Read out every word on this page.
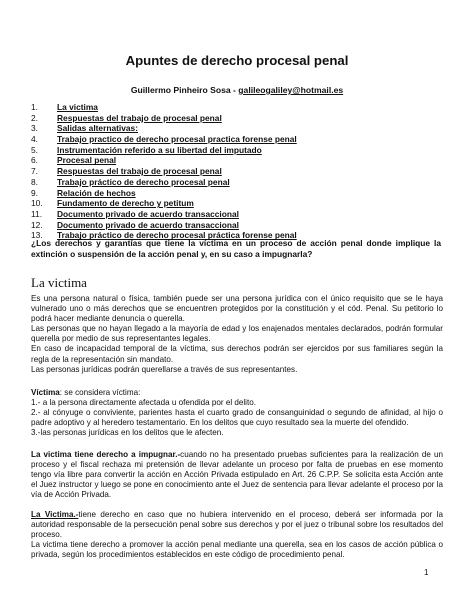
Apuntes de derecho procesal penal
Guillermo Pinheiro Sosa - galileogaliley@hotmail.es
1. La victima
2. Respuestas del trabajo de procesal penal
3. Salidas alternativas:
4. Trabajo practico de derecho procesal practica forense penal
5. Instrumentación referido a su libertad del imputado
6. Procesal penal
7. Respuestas del trabajo de procesal penal
8. Trabajo práctico de derecho procesal penal
9. Relación de hechos
10. Fundamento de derecho y petitum
11. Documento privado de acuerdo transaccional
12. Documento privado de acuerdo transaccional
13. Trabajo práctico de derecho procesal práctica forense penal
¿Los derechos y garantías que tiene la víctima en un proceso de acción penal donde implique la extinción o suspensión de la acción penal y, en su caso a impugnarla?
La victima

Es una persona natural o física, también puede ser una persona jurídica con el único requisito que se le haya vulnerado uno o más derechos que se encuentren protegidos por la constitución y el cód. Penal. Su petitorio lo podrá hacer mediante denuncia o querella.

Las personas que no hayan llegado a la mayoría de edad y los enajenados mentales declarados, podrán formular querella por medio de sus representantes legales.

En caso de incapacidad temporal de la víctima, sus derechos podrán ser ejercidos por sus familiares según la regla de la representación sin mandato.

Las personas jurídicas podrán querellarse a través de sus representantes.

Víctima: se considera víctima:

1.- a la persona directamente afectada u ofendida por el delito.

2.- al cónyuge o conviviente, parientes hasta el cuarto grado de consanguinidad o segundo de afinidad, al hijo o padre adoptivo y al heredero testamentario. En los delitos que cuyo resultado sea la muerte del ofendido.

3.-las personas jurídicas en los delitos que le afecten.

La victima tiene derecho a impugnar.-cuando no ha presentado pruebas suficientes para la realización de un proceso y el fiscal rechaza mi pretensión de llevar adelante un proceso por falta de pruebas en ese momento tengo vía libre para convertir la acción en Acción Privada estipulado en Art. 26 C.P.P. Se solicita esta Acción ante el Juez instructor y luego se pone en conocimiento ante el Juez de sentencia para llevar adelante el proceso por la vía de Acción Privada.

La Victima.-tiene derecho en caso que no hubiera intervenido en el proceso, deberá ser informada por la autoridad responsable de la persecución penal sobre sus derechos y por el juez o tribunal sobre los resultados del proceso.

La victima tiene derecho a promover la acción penal mediante una querella, sea en los casos de acción pública o privada, según los procedimientos establecidos en este código de procedimiento penal.

1
